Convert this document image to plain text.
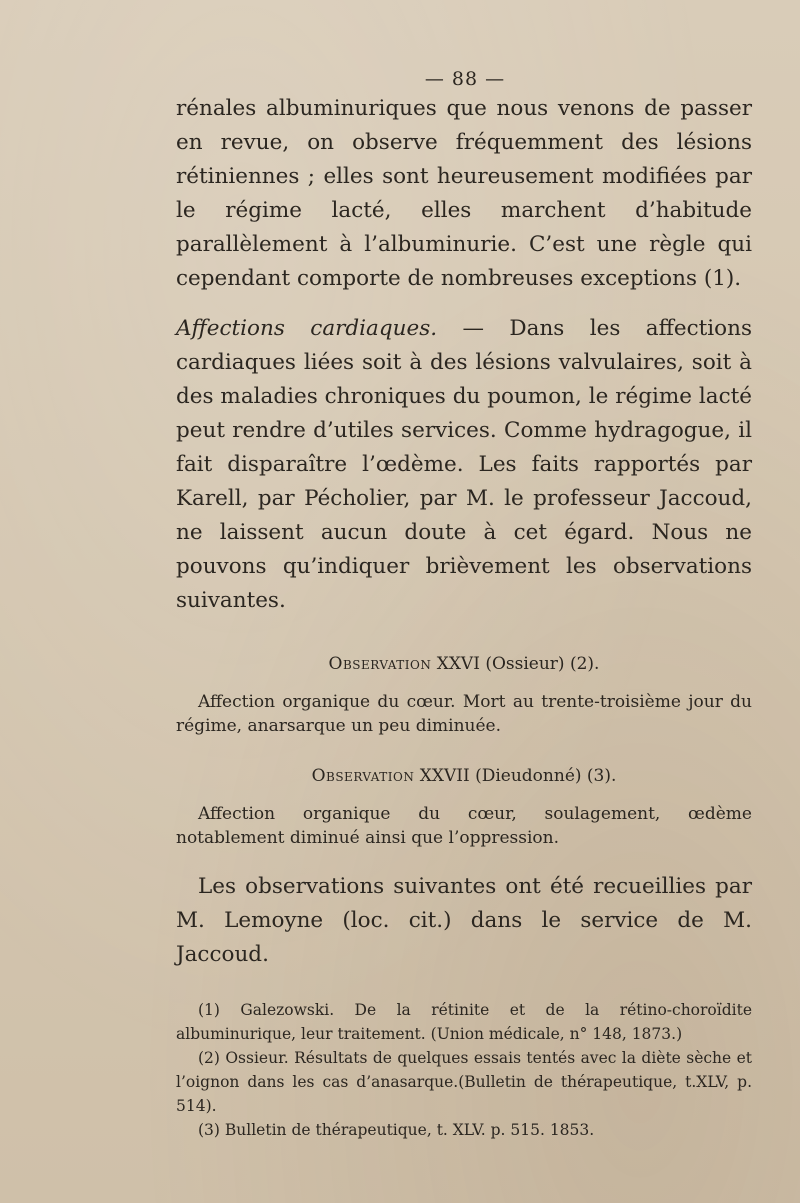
— 88 —

rénales albuminuriques que nous venons de passer en revue, on observe fréquemment des lésions rétiniennes ; elles sont heureusement modifiées par le régime lacté, elles marchent d’habitude parallèlement à l’albuminurie. C’est une règle qui cependant comporte de nombreuses exceptions (1).

Affections cardiaques. — Dans les affections cardiaques liées soit à des lésions valvulaires, soit à des maladies chroniques du poumon, le régime lacté peut rendre d’utiles services. Comme hydragogue, il fait disparaître l’œdème. Les faits rapportés par Karell, par Pécholier, par M. le professeur Jaccoud, ne laissent aucun doute à cet égard. Nous ne pouvons qu’indiquer brièvement les observations suivantes.

Observation XXVI (Ossieur) (2).

Affection organique du cœur. Mort au trente-troisième jour du régime, anarsarque un peu diminuée.

Observation XXVII (Dieudonné) (3).

Affection organique du cœur, soulagement, œdème notablement diminué ainsi que l’oppression.

Les observations suivantes ont été recueillies par M. Lemoyne (loc. cit.) dans le service de M. Jaccoud.

(1) Galezowski. De la rétinite et de la rétino-choroïdite albuminurique, leur traitement. (Union médicale, n° 148, 1873.)

(2) Ossieur. Résultats de quelques essais tentés avec la diète sèche et l’oignon dans les cas d’anasarque.(Bulletin de thérapeutique, t.XLV, p. 514).

(3) Bulletin de thérapeutique, t. XLV. p. 515. 1853.
